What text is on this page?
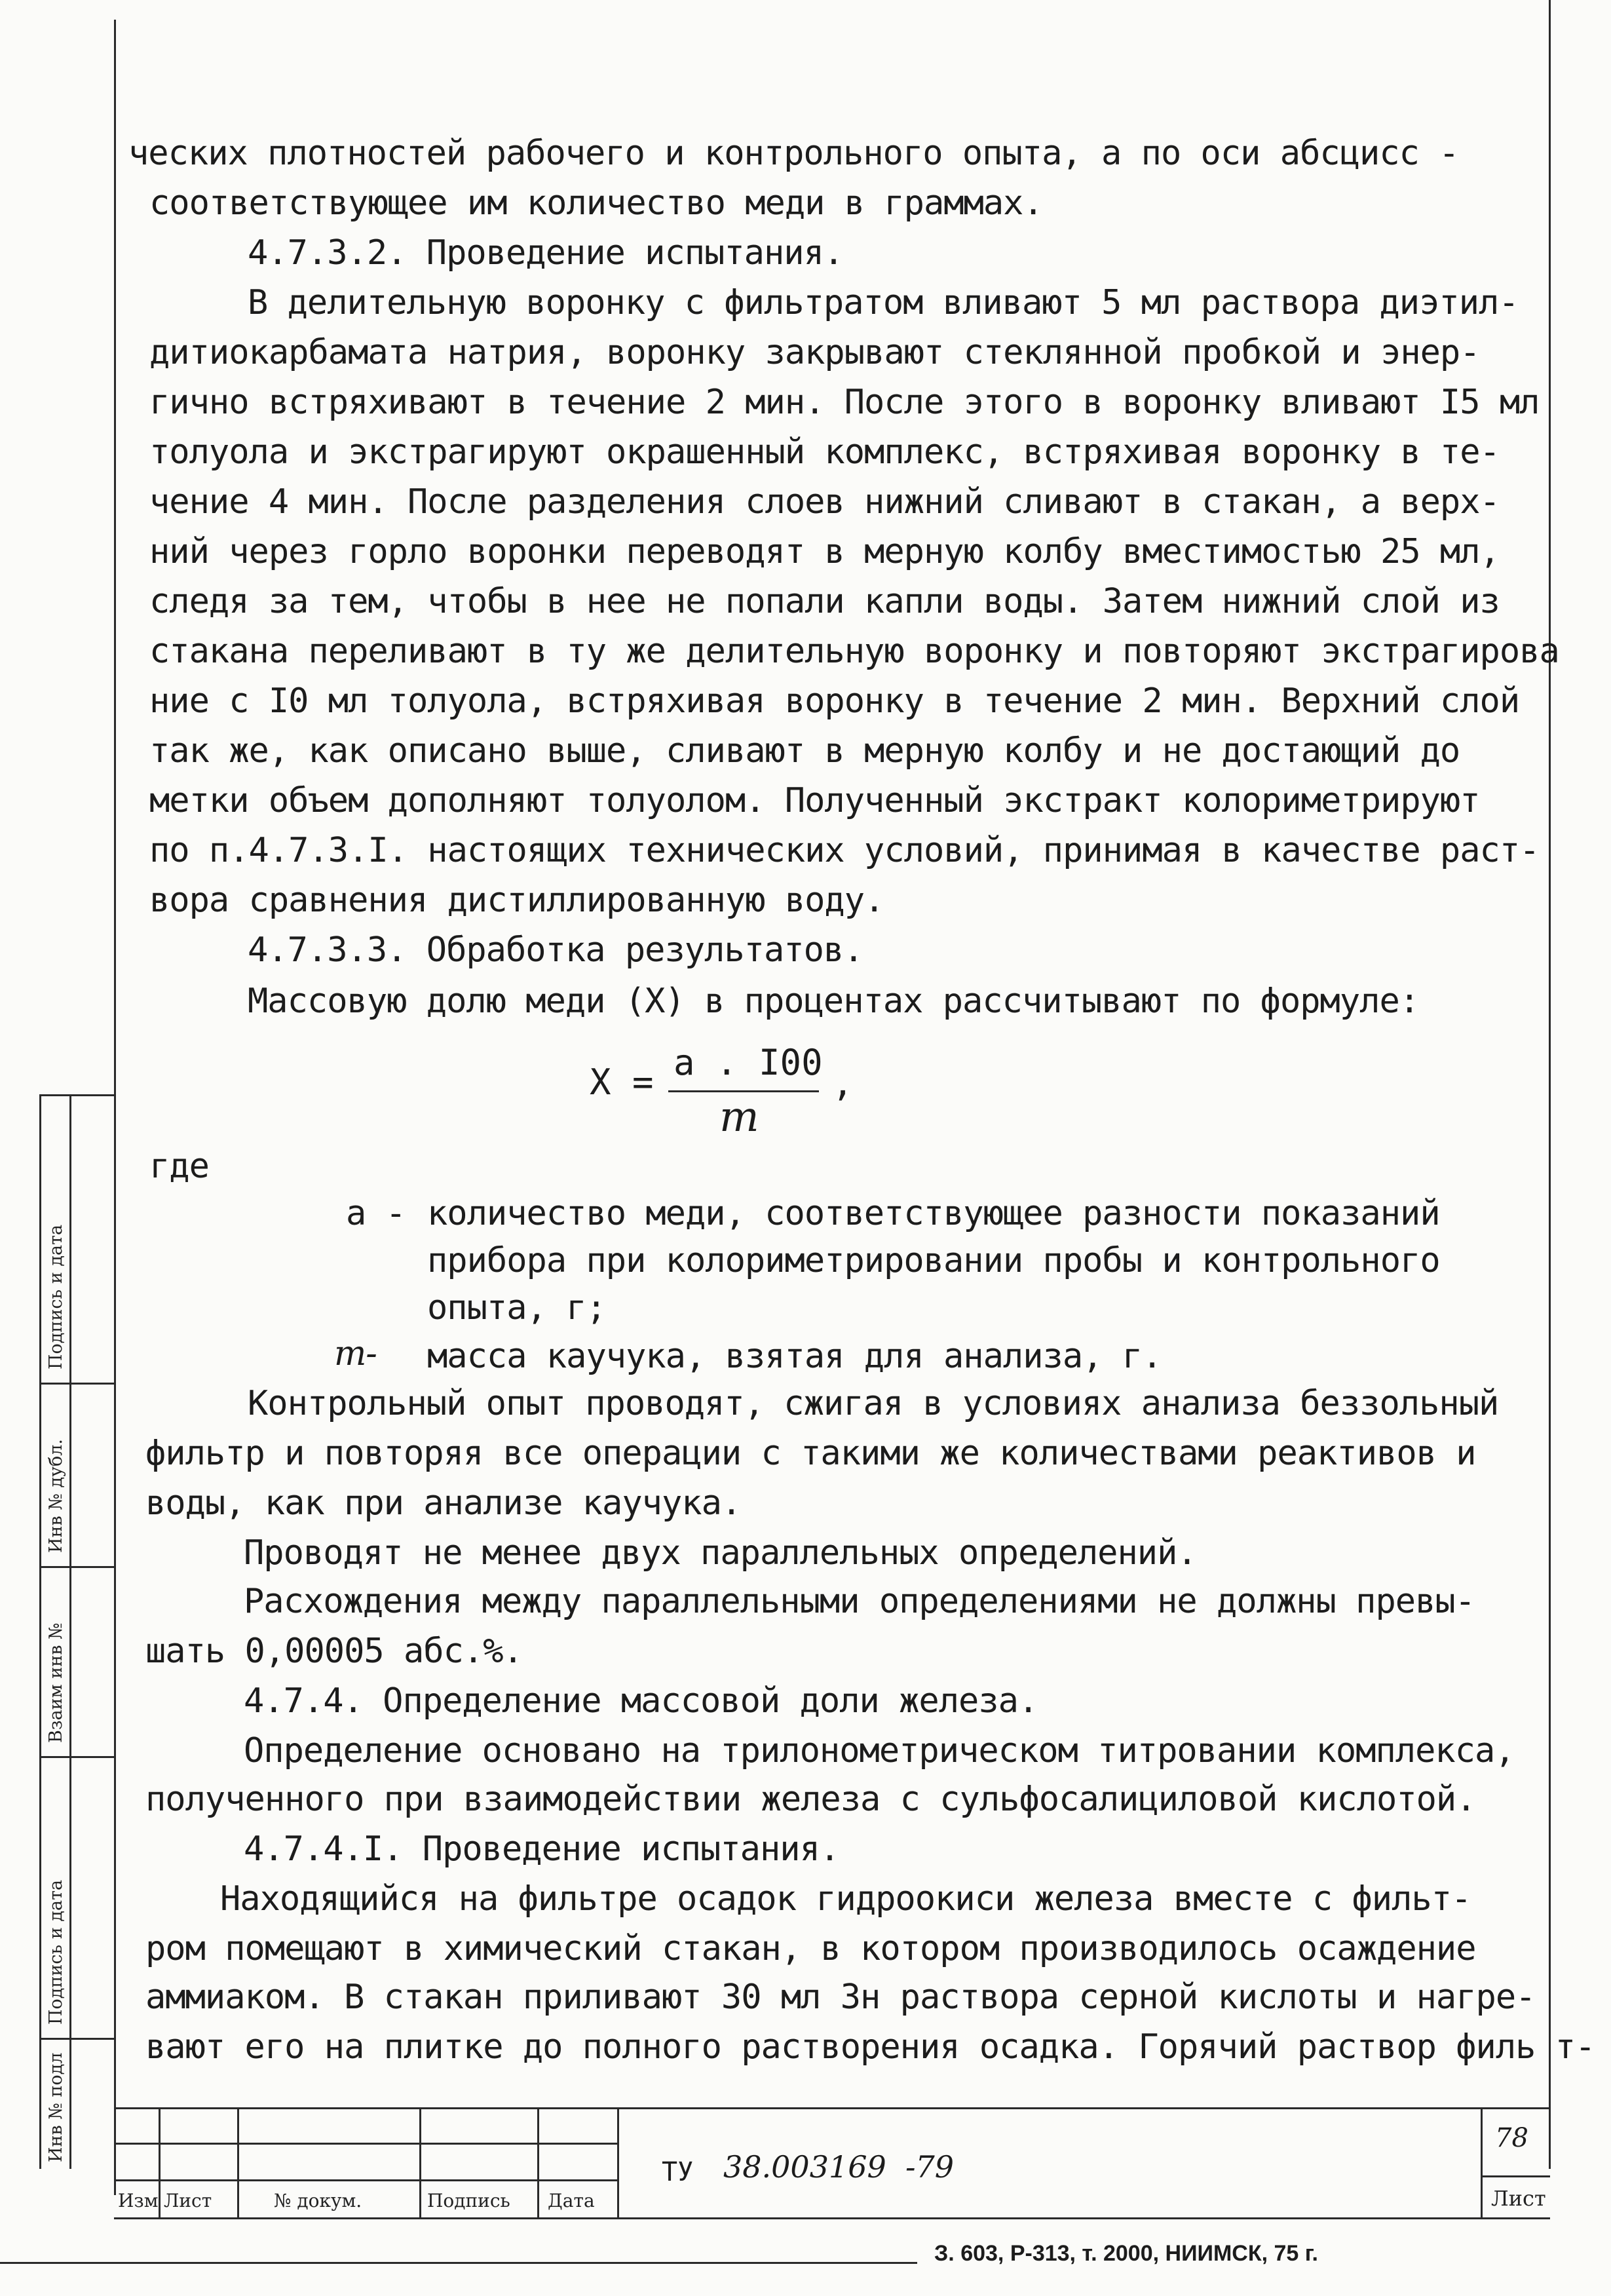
Подпись и дата
Инв № дубл.
Взаим инв №
Подпись и дата
Инв № подл
ческих плотностей рабочего и контрольного опыта, а по оси абсцисс -
соответствующее им количество меди в граммах.
4.7.3.2. Проведение испытания.
В делительную воронку с фильтратом вливают 5 мл раствора диэтил-
дитиокарбамата натрия, воронку закрывают стеклянной пробкой и энер-
гично встряхивают в течение 2 мин. После этого в воронку вливают I5 мл
толуола и экстрагируют окрашенный комплекс, встряхивая воронку в те-
чение 4 мин. После разделения слоев нижний сливают в стакан, а верх-
ний через горло воронки переводят в мерную колбу вместимостью 25 мл,
следя за тем, чтобы в нее не попали капли воды. Затем нижний слой из
стакана переливают в ту же делительную воронку и повторяют экстрагирова
ние с I0 мл толуола, встряхивая воронку в течение 2 мин. Верхний слой
так же, как описано выше, сливают в мерную колбу и не достающий до
метки объем дополняют толуолом. Полученный экстракт колориметрируют
по п.4.7.3.I. настоящих технических условий, принимая в качестве раст-
вора сравнения дистиллированную воду.
4.7.3.3. Обработка результатов.
Массовую долю меди (X) в процентах рассчитывают по формуле:
X = а . I00
m
,
где
а - количество меди, соответствующее разности показаний
прибора при колориметрировании пробы и контрольного
опыта, г;
m- масса каучука, взятая для анализа, г.
Контрольный опыт проводят, сжигая в условиях анализа беззольный
фильтр и повторяя все операции с такими же количествами реактивов и
воды, как при анализе каучука.
Проводят не менее двух параллельных определений.
Расхождения между параллельными определениями не должны превы-
шать 0,00005 абс.%.
4.7.4. Определение массовой доли железа.
Определение основано на трилонометрическом титровании комплекса,
полученного при взаимодействии железа с сульфосалициловой кислотой.
4.7.4.I. Проведение испытания.
Находящийся на фильтре осадок гидроокиси железа вместе с фильт-
ром помещают в химический стакан, в котором производилось осаждение
аммиаком. В стакан приливают 30 мл 3н раствора серной кислоты и нагре-
вают его на плитке до полного растворения осадка. Горячий раствор филь т-
Изм Лист	№ докум.	Подпись Дата
ТУ 38.003169  -79
78
Лист
З. 603, Р-313, т. 2000, НИИМСК, 75 г.
